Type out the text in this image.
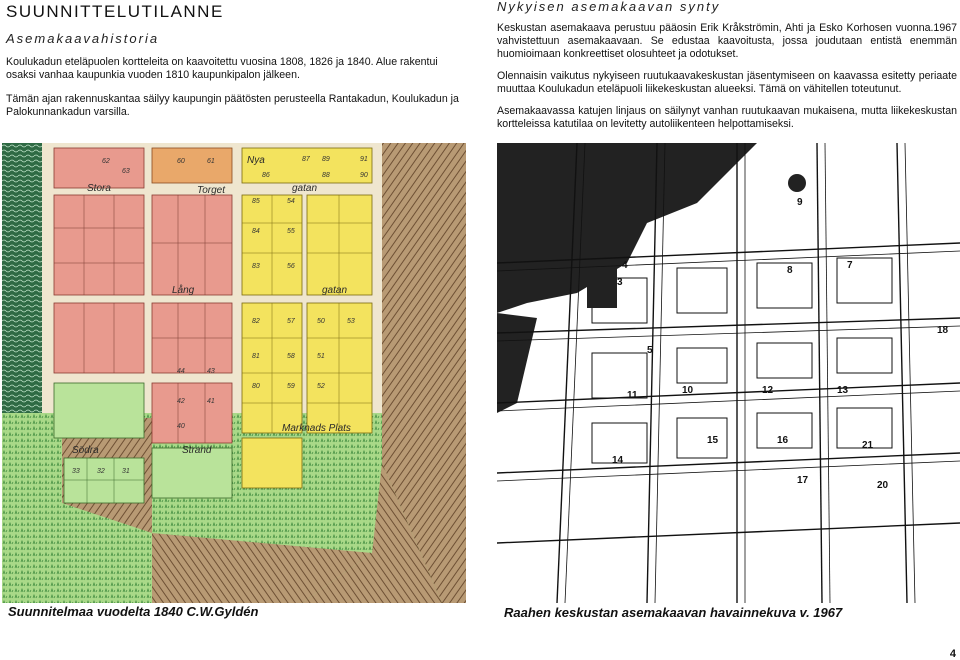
SUUNNITTELUTILANNE
Asemakaavahistoria
Koulukadun eteläpuolen kortteleita on kaavoitettu vuosina 1808, 1826 ja 1840. Alue rakentui osaksi vanhaa kaupunkia vuoden 1810 kaupunkipalon jälkeen.
Tämän ajan rakennuskantaa säilyy kaupungin päätösten perusteella Rantakadun, Koulukadun ja Palokunnankadun varsilla.
Nykyisen asemakaavan synty
Keskustan asemakaava perustuu pääosin Erik Kråkströmin, Ahti ja Esko Korhosen vuonna.1967 vahvistettuun asemakaavaan. Se edustaa kaavoitusta, jossa joudutaan entistä enemmän huomioimaan konkreettiset olosuhteet ja odotukset.
Olennaisin vaikutus nykyiseen ruutukaavakeskustan jäsentymiseen on kaavassa esitetty periaate muuttaa Koulukadun eteläpuoli liikekeskustan alueeksi. Tämä on vähitellen toteutunut.
Asemakaavassa katujen linjaus on säilynyt vanhan ruutukaavan mukaisena, mutta liikekeskustan kortteleissa katutilaa on levitetty autoliikenteen helpottamiseksi.
Stora
Lång
gatan
Torget
Marknads Plats
Södra	Strand
gatan
Nya	91
90
89
88
87
86
85
84
83
82
81
80
60	61
62
63
54
55
56
57
58
59
50
51
52
53
44	43
42	41
40
33 32 31
9
4
3
5
8	7
11	10	12	13
15	16
18
21
14
17	20
Suunnitelmaa vuodelta 1840 C.W.Gyldén	Raahen keskustan asemakaavan havainnekuva v. 1967
4
